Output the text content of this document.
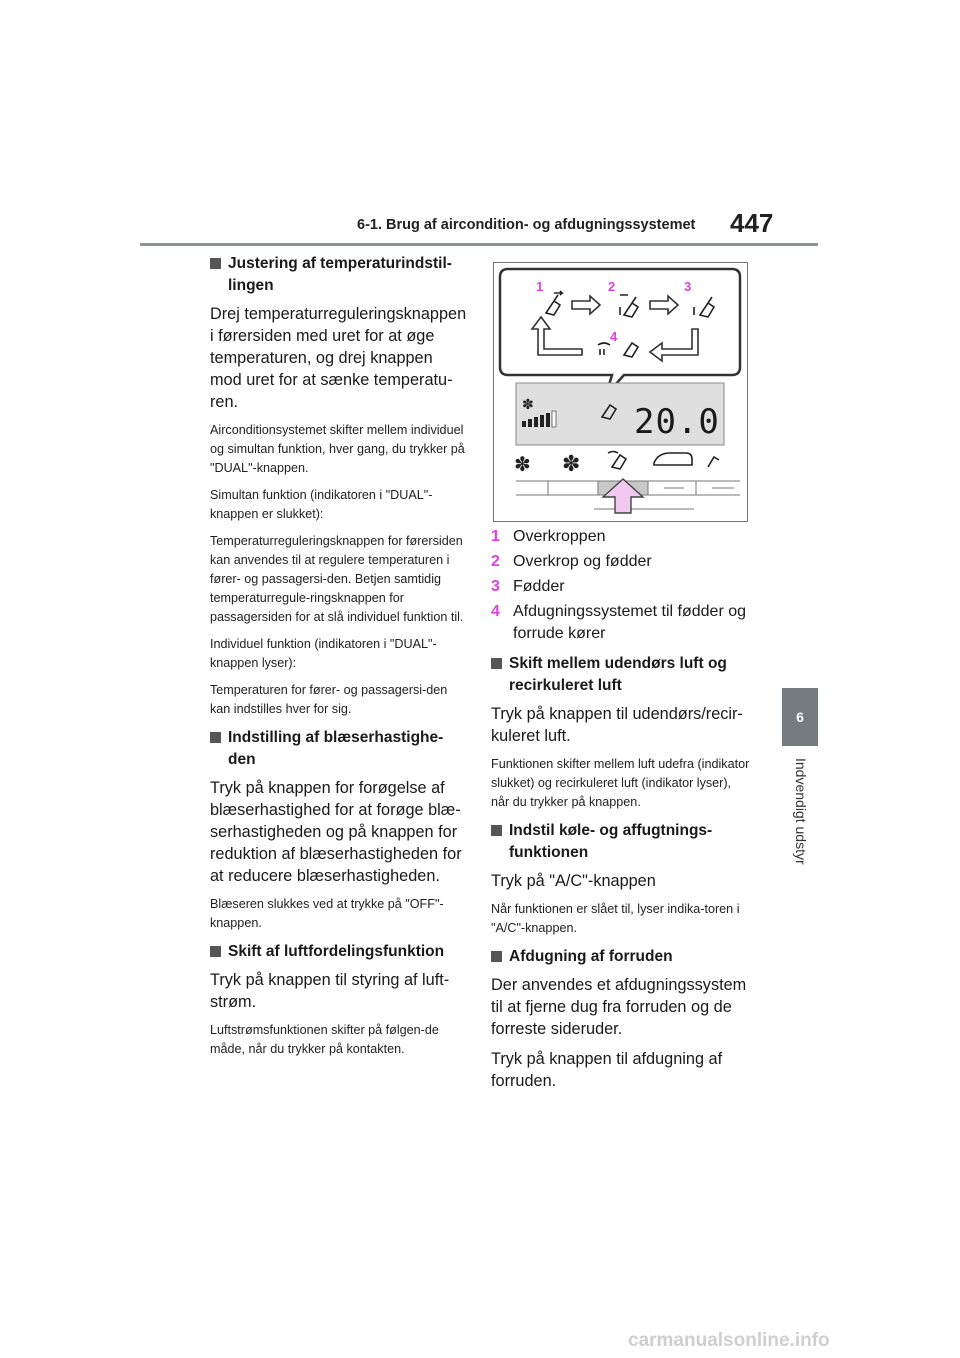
6-1. Brug af aircondition- og afdugningssystemet 447
6
Indvendigt udstyr
Justering af temperaturindstil-lingen

Drej temperaturreguleringsknappen i førersiden med uret for at øge temperaturen, og drej knappen mod uret for at sænke temperatu-ren.

Airconditionsystemet skifter mellem individuel og simultan funktion, hver gang, du trykker på "DUAL"-knappen.

Simultan funktion (indikatoren i "DUAL"-knappen er slukket):

Temperaturreguleringsknappen for førersiden kan anvendes til at regulere temperaturen i fører- og passagersi-den. Betjen samtidig temperaturregule-ringsknappen for passagersiden for at slå individuel funktion til.

Individuel funktion (indikatoren i "DUAL"-knappen lyser):

Temperaturen for fører- og passagersi-den kan indstilles hver for sig.

Indstilling af blæserhastighe-den

Tryk på knappen for forøgelse af blæserhastighed for at forøge blæ-serhastigheden og på knappen for reduktion af blæserhastigheden for at reducere blæserhastigheden.

Blæseren slukkes ved at trykke på "OFF"-knappen.

Skift af luftfordelingsfunktion

Tryk på knappen til styring af luft-strøm.

Luftstrømsfunktionen skifter på følgen-de måde, når du trykker på kontakten.

1	2	3
4
✽	20.0
✽ ✽
1 Overkroppen
2 Overkrop og fødder
3 Fødder
4 Afdugningssystemet til fødder og forrude kører
Skift mellem udendørs luft og recirkuleret luft

Tryk på knappen til udendørs/recir-kuleret luft.

Funktionen skifter mellem luft udefra (indikator slukket) og recirkuleret luft (indikator lyser), når du trykker på knappen.

Indstil køle- og affugtnings-funktionen

Tryk på "A/C"-knappen

Når funktionen er slået til, lyser indika-toren i "A/C"-knappen.

Afdugning af forruden

Der anvendes et afdugningssystem til at fjerne dug fra forruden og de forreste sideruder.

Tryk på knappen til afdugning af forruden.

carmanualsonline.info
